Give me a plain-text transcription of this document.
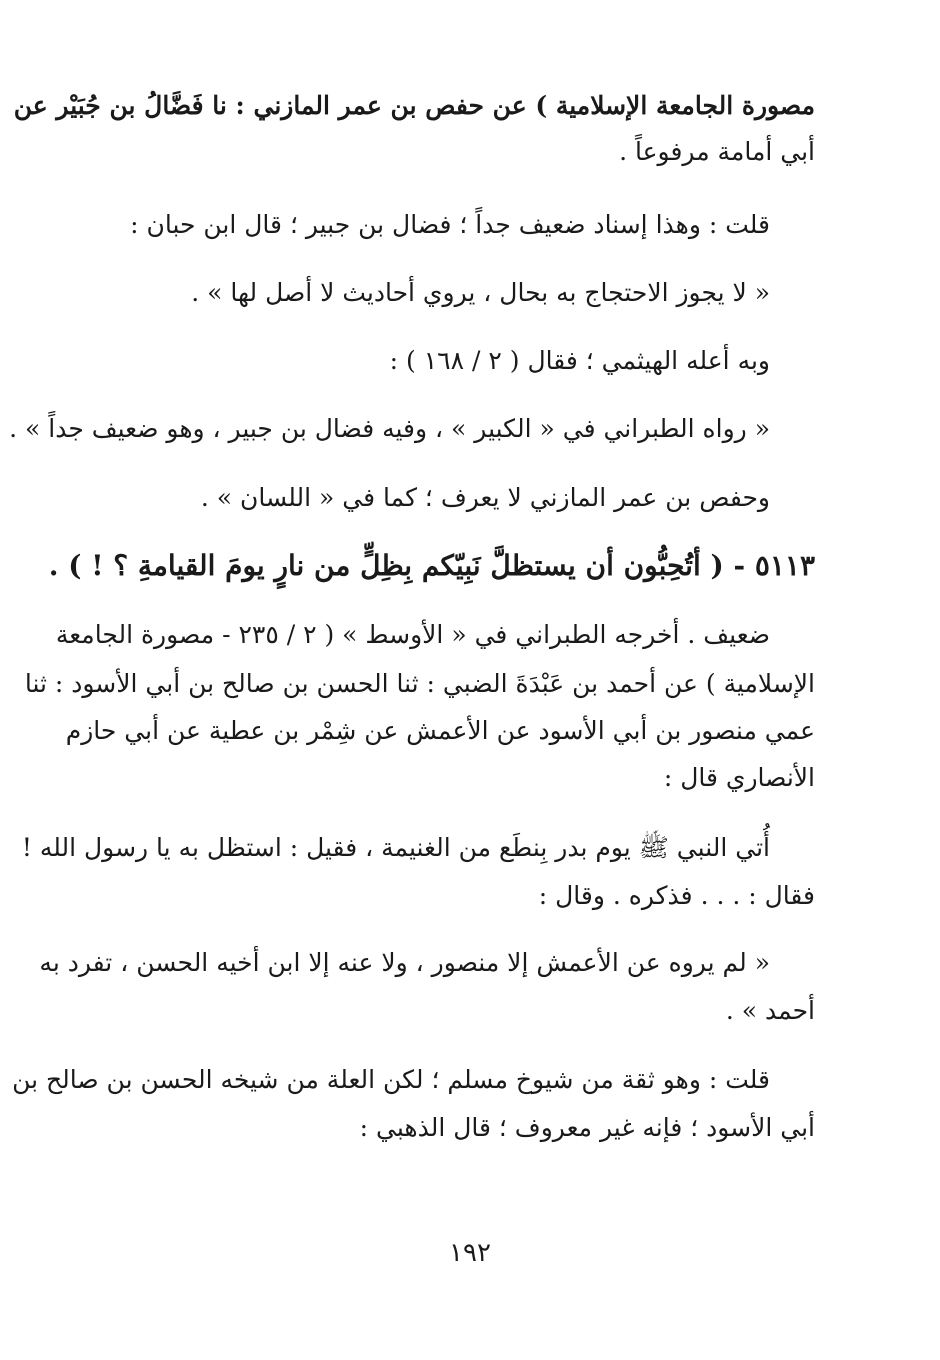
مصورة الجامعة الإسلامية ) عن حفص بن عمر المازني : نا فَضَّالُ بن جُبَيْر عن
أبي أمامة مرفوعاً .
قلت : وهذا إسناد ضعيف جداً ؛ فضال بن جبير ؛ قال ابن حبان :
« لا يجوز الاحتجاج به بحال ، يروي أحاديث لا أصل لها » .
وبه أعله الهيثمي ؛ فقال ( ٢ / ١٦٨ ) :
« رواه الطبراني في « الكبير » ، وفيه فضال بن جبير ، وهو ضعيف جداً » .
وحفص بن عمر المازني لا يعرف ؛ كما في « اللسان » .
٥١١٣ - ( أتُحِبُّون أن يستظلَّ نَبِيّكم بِظِلٍّ من نارٍ يومَ القيامةِ ؟ ! ) .
ضعيف . أخرجه الطبراني في « الأوسط » ( ٢ / ٢٣٥ - مصورة الجامعة
الإسلامية ) عن أحمد بن عَبْدَةَ الضبي : ثنا الحسن بن صالح بن أبي الأسود : ثنا
عمي منصور بن أبي الأسود عن الأعمش عن شِمْر بن عطية عن أبي حازم
الأنصاري قال :
أُتي النبي ﷺ يوم بدر بِنطَع من الغنيمة ، فقيل : استظل به يا رسول الله !
فقال : . . . فذكره . وقال :
« لم يروه عن الأعمش إلا منصور ، ولا عنه إلا ابن أخيه الحسن ، تفرد به
أحمد » .
قلت : وهو ثقة من شيوخ مسلم ؛ لكن العلة من شيخه الحسن بن صالح بن
أبي الأسود ؛ فإنه غير معروف ؛ قال الذهبي :
١٩٢
